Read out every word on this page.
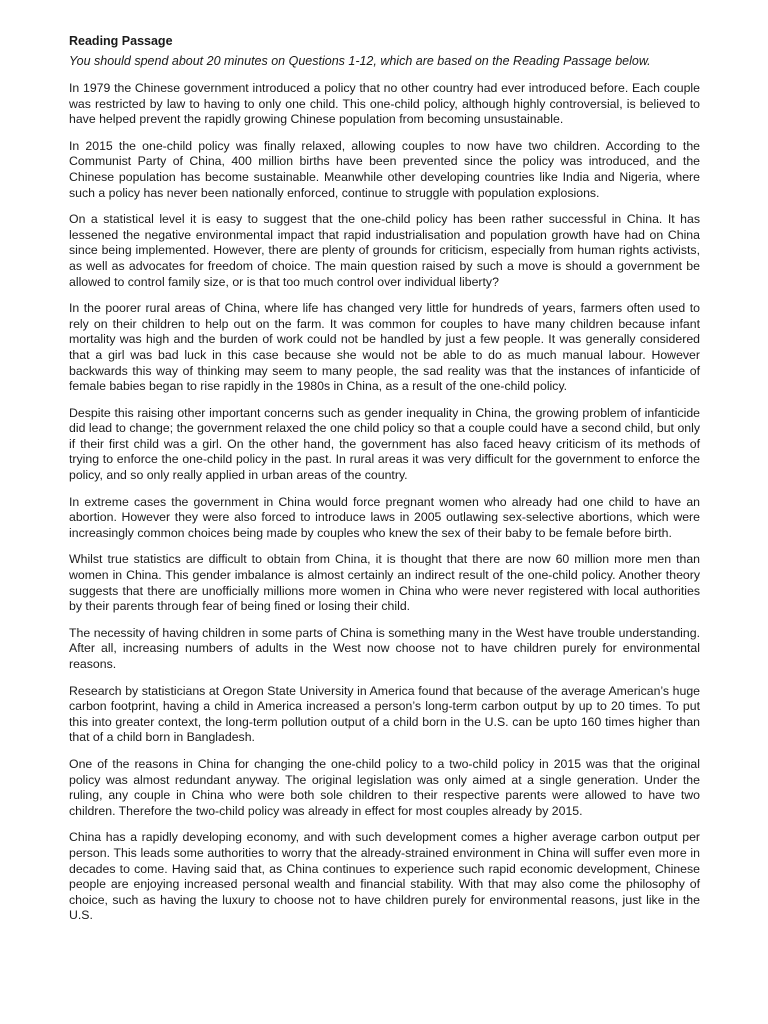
Reading Passage
You should spend about 20 minutes on Questions 1-12, which are based on the Reading Passage below.

In 1979 the Chinese government introduced a policy that no other country had ever introduced before. Each couple was restricted by law to having to only one child. This one-child policy, although highly controversial, is believed to have helped prevent the rapidly growing Chinese population from becoming unsustainable.

In 2015 the one-child policy was finally relaxed, allowing couples to now have two children. According to the Communist Party of China, 400 million births have been prevented since the policy was introduced, and the Chinese population has become sustainable. Meanwhile other developing countries like India and Nigeria, where such a policy has never been nationally enforced, continue to struggle with population explosions.

On a statistical level it is easy to suggest that the one-child policy has been rather successful in China. It has lessened the negative environmental impact that rapid industrialisation and population growth have had on China since being implemented. However, there are plenty of grounds for criticism, especially from human rights activists, as well as advocates for freedom of choice. The main question raised by such a move is should a government be allowed to control family size, or is that too much control over individual liberty?

In the poorer rural areas of China, where life has changed very little for hundreds of years, farmers often used to rely on their children to help out on the farm. It was common for couples to have many children because infant mortality was high and the burden of work could not be handled by just a few people. It was generally considered that a girl was bad luck in this case because she would not be able to do as much manual labour. However backwards this way of thinking may seem to many people, the sad reality was that the instances of infanticide of female babies began to rise rapidly in the 1980s in China, as a result of the one-child policy.

Despite this raising other important concerns such as gender inequality in China, the growing problem of infanticide did lead to change; the government relaxed the one child policy so that a couple could have a second child, but only if their first child was a girl. On the other hand, the government has also faced heavy criticism of its methods of trying to enforce the one-child policy in the past. In rural areas it was very difficult for the government to enforce the policy, and so only really applied in urban areas of the country.

In extreme cases the government in China would force pregnant women who already had one child to have an abortion. However they were also forced to introduce laws in 2005 outlawing sex-selective abortions, which were increasingly common choices being made by couples who knew the sex of their baby to be female before birth.

Whilst true statistics are difficult to obtain from China, it is thought that there are now 60 million more men than women in China. This gender imbalance is almost certainly an indirect result of the one-child policy. Another theory suggests that there are unofficially millions more women in China who were never registered with local authorities by their parents through fear of being fined or losing their child.

The necessity of having children in some parts of China is something many in the West have trouble understanding. After all, increasing numbers of adults in the West now choose not to have children purely for environmental reasons.

Research by statisticians at Oregon State University in America found that because of the average American’s huge carbon footprint, having a child in America increased a person’s long-term carbon output by up to 20 times. To put this into greater context, the long-term pollution output of a child born in the U.S. can be upto 160 times higher than that of a child born in Bangladesh.

One of the reasons in China for changing the one-child policy to a two-child policy in 2015 was that the original policy was almost redundant anyway. The original legislation was only aimed at a single generation. Under the ruling, any couple in China who were both sole children to their respective parents were allowed to have two children. Therefore the two-child policy was already in effect for most couples already by 2015.

China has a rapidly developing economy, and with such development comes a higher average carbon output per person. This leads some authorities to worry that the already-strained environment in China will suffer even more in decades to come. Having said that, as China continues to experience such rapid economic development, Chinese people are enjoying increased personal wealth and financial stability. With that may also come the philosophy of choice, such as having the luxury to choose not to have children purely for environmental reasons, just like in the U.S.
